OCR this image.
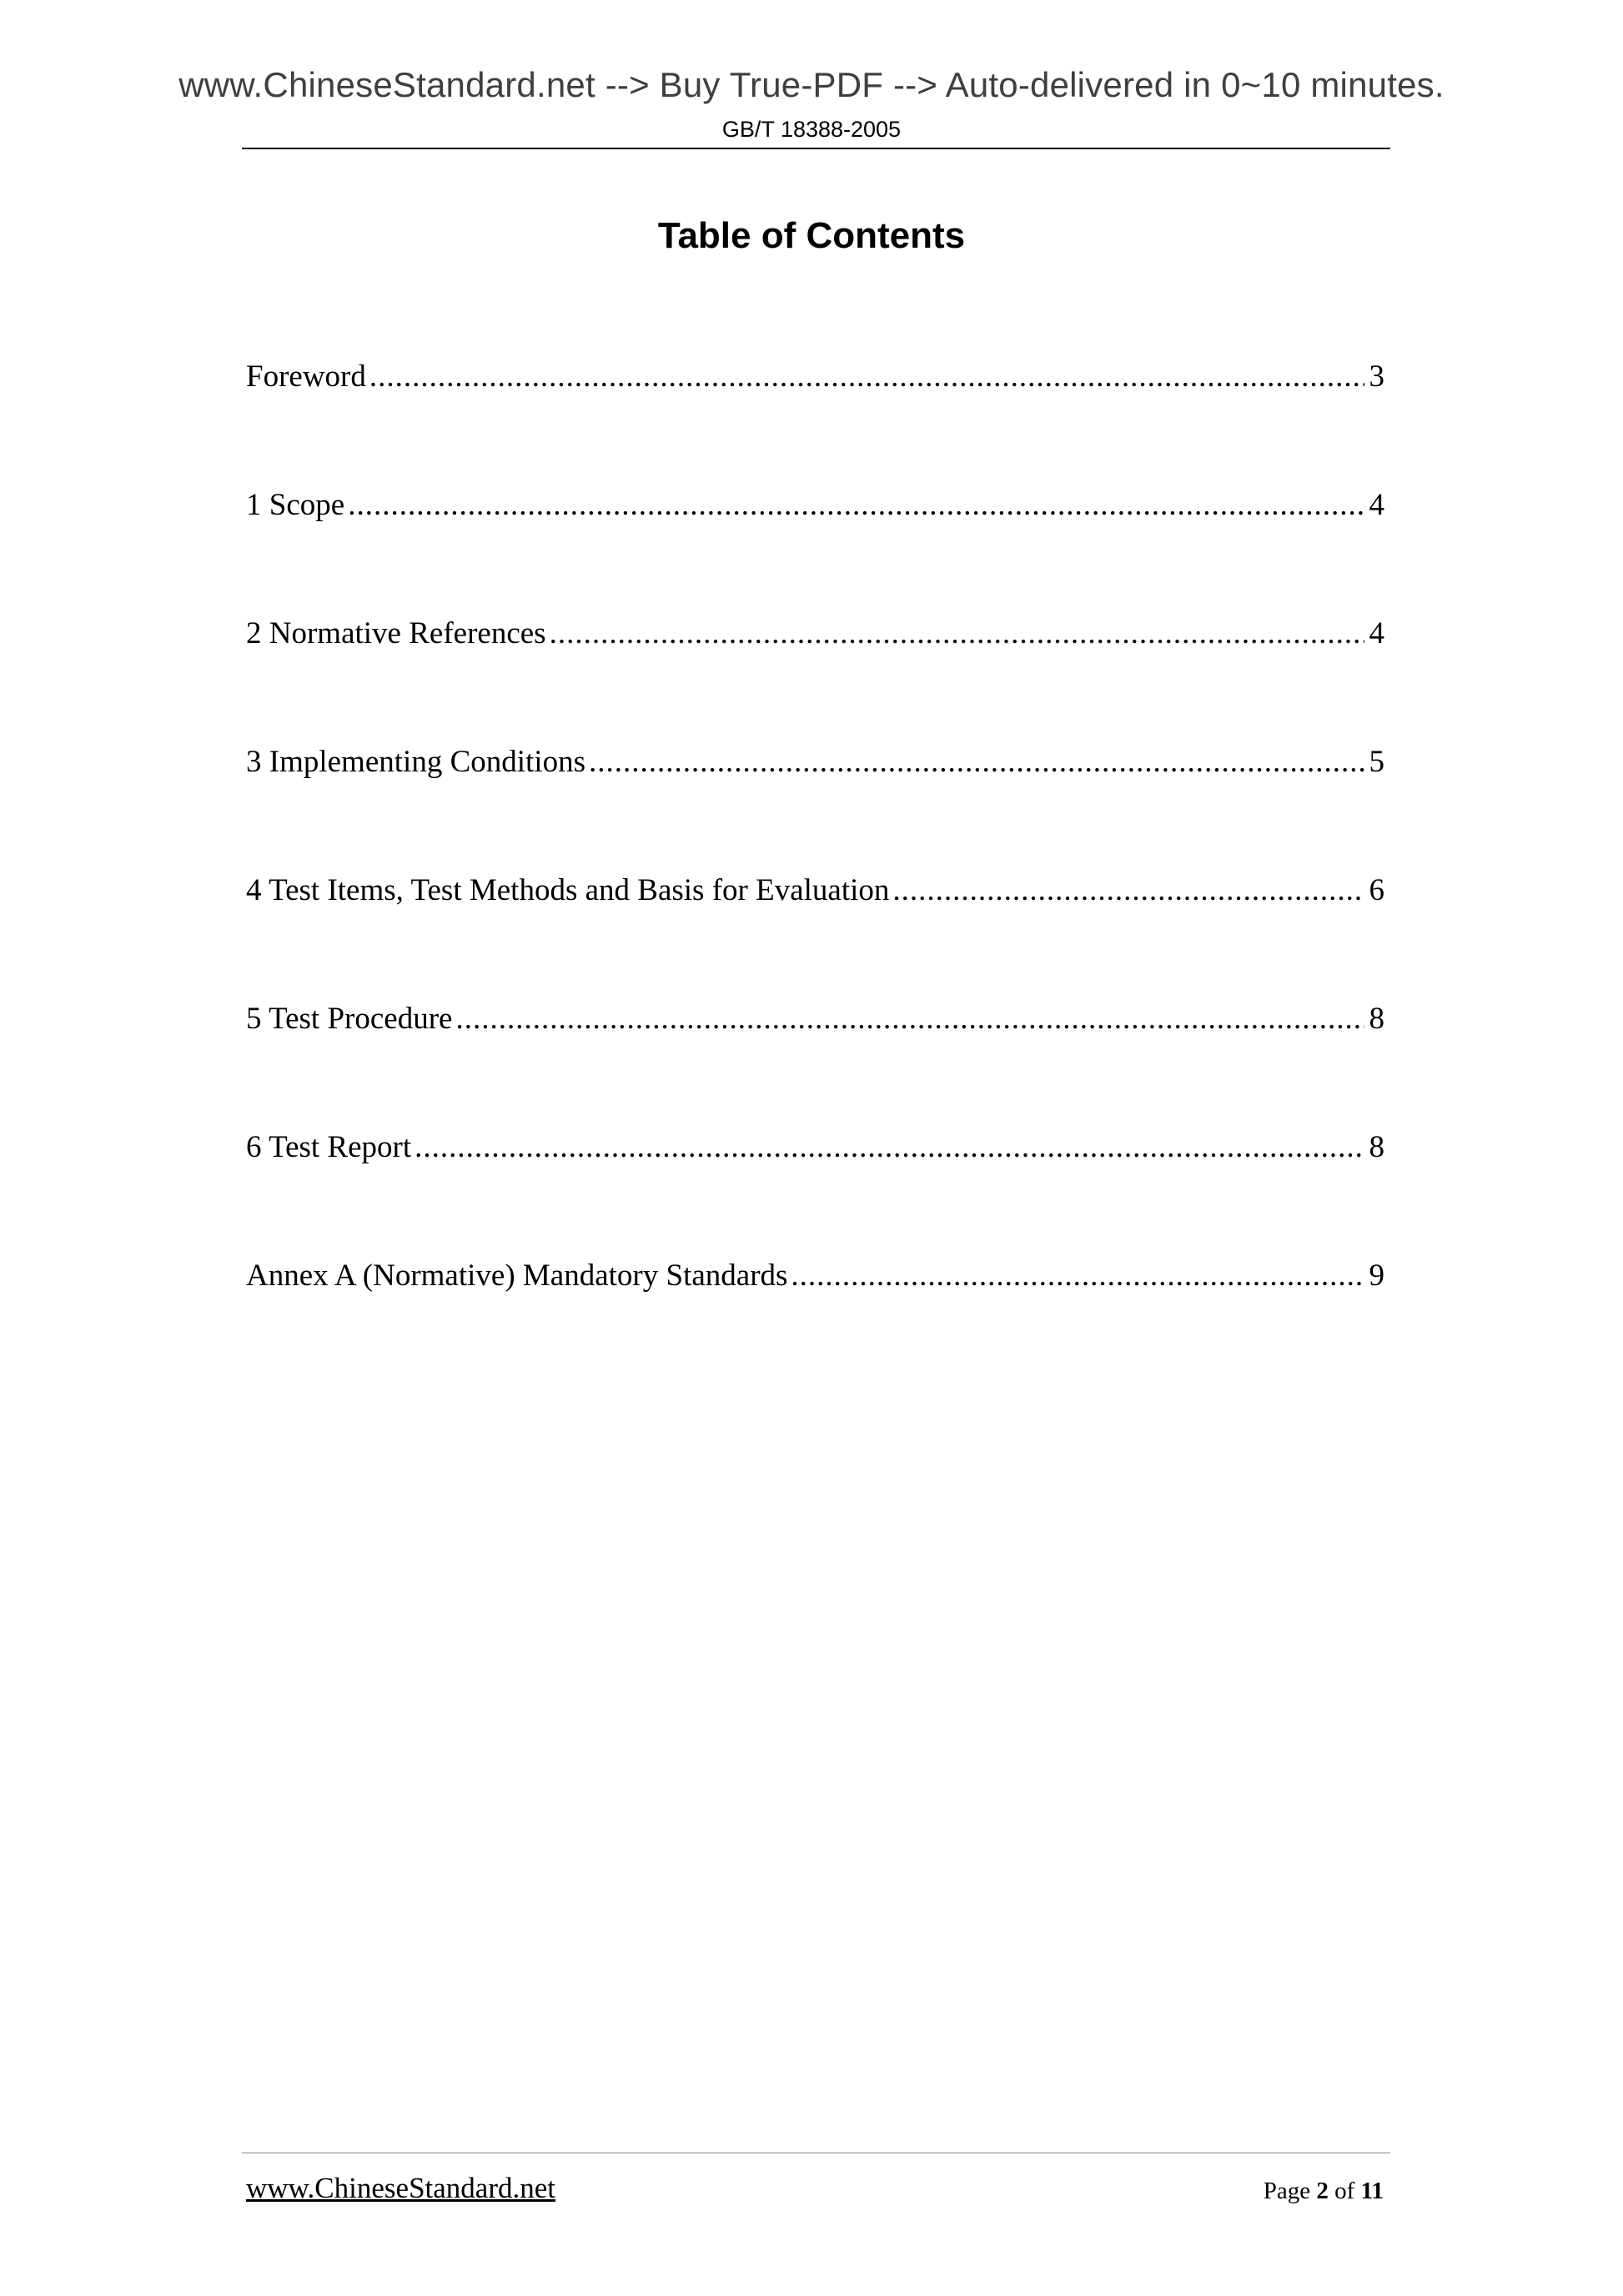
www.ChineseStandard.net --> Buy True-PDF --> Auto-delivered in 0~10 minutes.
GB/T 18388-2005
Table of Contents
Foreword .....	3
1 Scope .....	4
2 Normative References .....	4
3 Implementing Conditions .....	5
4 Test Items, Test Methods and Basis for Evaluation .....	6
5 Test Procedure .....	8
6 Test Report .....	8
Annex A (Normative) Mandatory Standards .....	9
www.ChineseStandard.net	Page 2 of 11
